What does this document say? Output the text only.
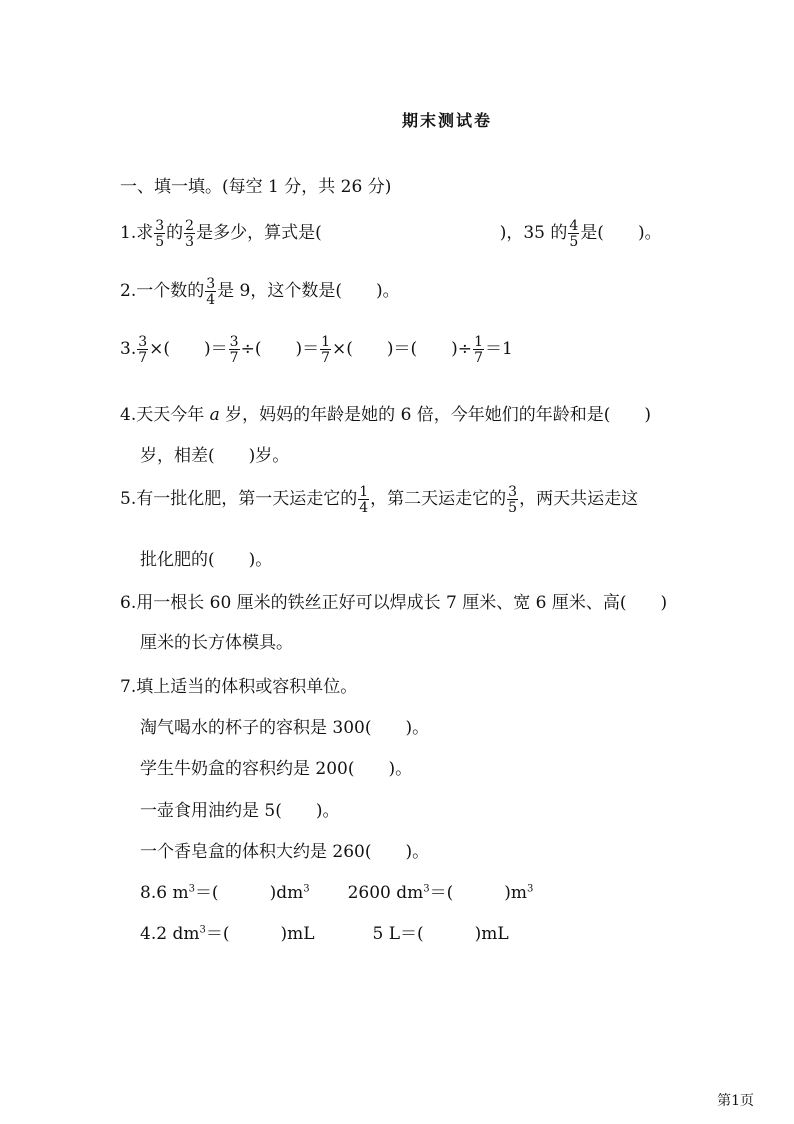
期末测试卷
一、填一填。(每空 1 分，共 26 分)
1.求 $\frac{3}{5}$ 的 $\frac{2}{3}$ 是多少，算式是(	)，35 的 $\frac{4}{5}$ 是(　　)。
2.一个数的 $\frac{3}{4}$ 是 9，这个数是(　　)。
3. $\frac{3}{7}$ ×(　　)＝ $\frac{3}{7}$ ÷(　　)＝ $\frac{1}{7}$ ×(　　)＝(　　)÷ $\frac{1}{7} =1$
4.天天今年 a 岁，妈妈的年龄是她的 6 倍，今年她们的年龄和是(　　)
岁，相差(　　)岁。
5.有一批化肥，第一天运走它的 $\frac{1}{4}$ ，第二天运走它的 $\frac{3}{5}$ ，两天共运走这
批化肥的(　　)。
6.用一根长 60 厘米的铁丝正好可以焊成长 7 厘米、宽 6 厘米、高(　　)
厘米的长方体模具。
7.填上适当的体积或容积单位。
淘气喝水的杯子的容积是 300(　　)。
学生牛奶盒的容积约是 200(　　)。
一壶食用油约是 5(　　)。
一个香皂盒的体积大约是 260(　　)。
8.6 $m^3=$(　　　)$dm^3$ 2600 $dm^3=$(　　　)$m^3$
4.2 $dm^3=$(　　　)mL	5 L＝(　　　)mL
第1页
